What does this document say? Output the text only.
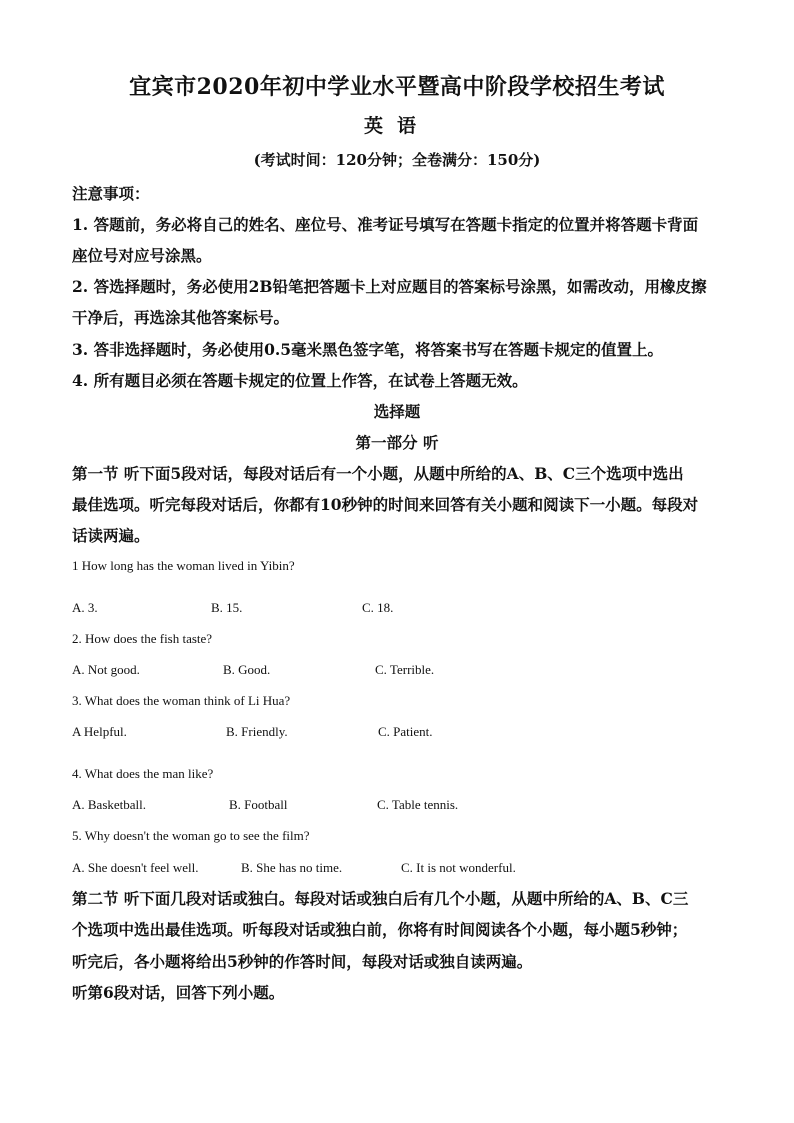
宜宾市2020年初中学业水平暨高中阶段学校招生考试
英语
(考试时间：120分钟；全卷满分：150分)
注意事项：
1. 答题前，务必将自己的姓名、座位号、准考证号填写在答题卡指定的位置并将答题卡背面
座位号对应号涂黑。
2. 答选择题时，务必使用2B铅笔把答题卡上对应题目的答案标号涂黑，如需改动，用橡皮擦
干净后，再选涂其他答案标号。
3. 答非选择题时，务必使用0.5毫米黑色签字笔，将答案书写在答题卡规定的值置上。
4. 所有题目必须在答题卡规定的位置上作答，在试卷上答题无效。
选择题
第一部分 听
第一节 听下面5段对话，每段对话后有一个小题，从题中所给的A、B、C三个选项中选出
最佳选项。听完每段对话后，你都有10秒钟的时间来回答有关小题和阅读下一小题。每段对
话读两遍。
1 How long has the woman lived in Yibin?
A. 3.	B. 15.	C. 18.
2. How does the fish taste?
A. Not good.	B. Good.	C. Terrible.
3. What does the woman think of Li Hua?
A Helpful.	B. Friendly.	C. Patient.
4. What does the man like?
A. Basketball.	B. Football	C. Table tennis.
5. Why doesn't the woman go to see the film?
A. She doesn't feel well.	B. She has no time.	C. It is not wonderful.
第二节 听下面几段对话或独白。每段对话或独白后有几个小题，从题中所给的A、B、C三
个选项中选出最佳选项。听每段对话或独白前，你将有时间阅读各个小题，每小题5秒钟；
听完后，各小题将给出5秒钟的作答时间，每段对话或独自读两遍。
听第6段对话，回答下列小题。
